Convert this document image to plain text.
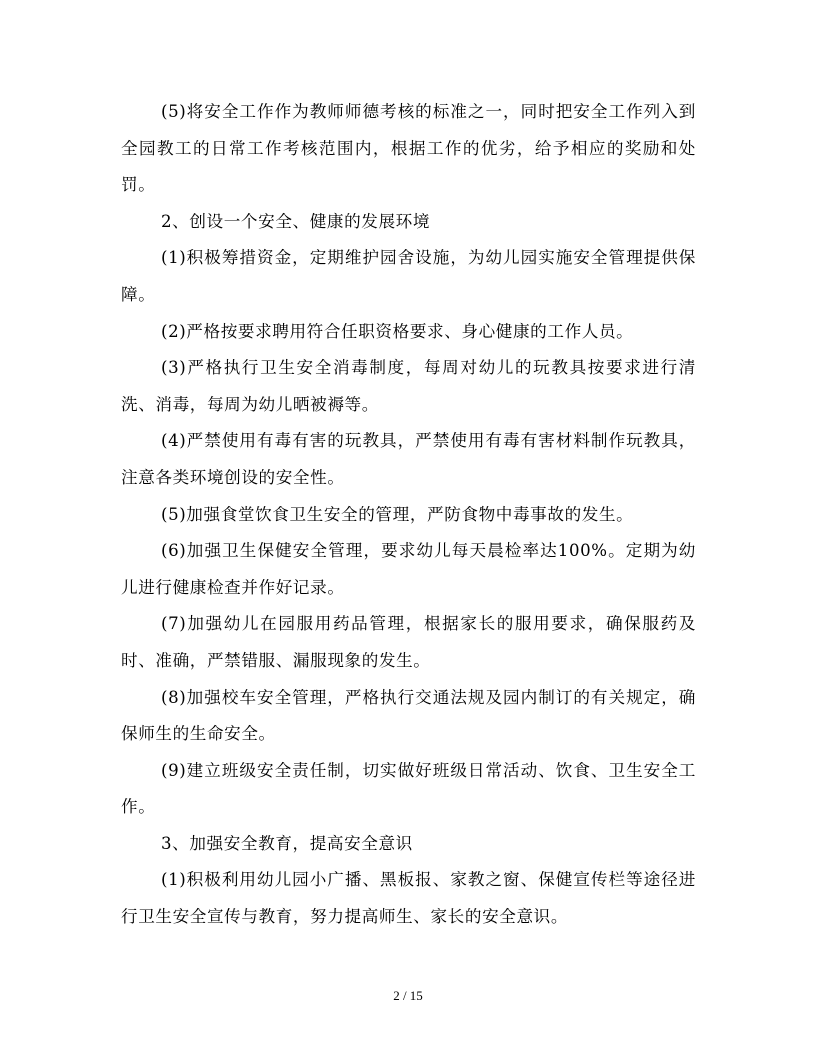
(5)将安全工作作为教师师德考核的标准之一，同时把安全工作列入到全园教工的日常工作考核范围内，根据工作的优劣，给予相应的奖励和处罚。

2、创设一个安全、健康的发展环境

(1)积极筹措资金，定期维护园舍设施，为幼儿园实施安全管理提供保障。

(2)严格按要求聘用符合任职资格要求、身心健康的工作人员。

(3)严格执行卫生安全消毒制度，每周对幼儿的玩教具按要求进行清洗、消毒，每周为幼儿晒被褥等。

(4)严禁使用有毒有害的玩教具，严禁使用有毒有害材料制作玩教具，注意各类环境创设的安全性。

(5)加强食堂饮食卫生安全的管理，严防食物中毒事故的发生。

(6)加强卫生保健安全管理，要求幼儿每天晨检率达100%。定期为幼儿进行健康检查并作好记录。

(7)加强幼儿在园服用药品管理，根据家长的服用要求，确保服药及时、准确，严禁错服、漏服现象的发生。

(8)加强校车安全管理，严格执行交通法规及园内制订的有关规定，确保师生的生命安全。

(9)建立班级安全责任制，切实做好班级日常活动、饮食、卫生安全工作。

3、加强安全教育，提高安全意识

(1)积极利用幼儿园小广播、黑板报、家教之窗、保健宣传栏等途径进行卫生安全宣传与教育，努力提高师生、家长的安全意识。

2 / 15
